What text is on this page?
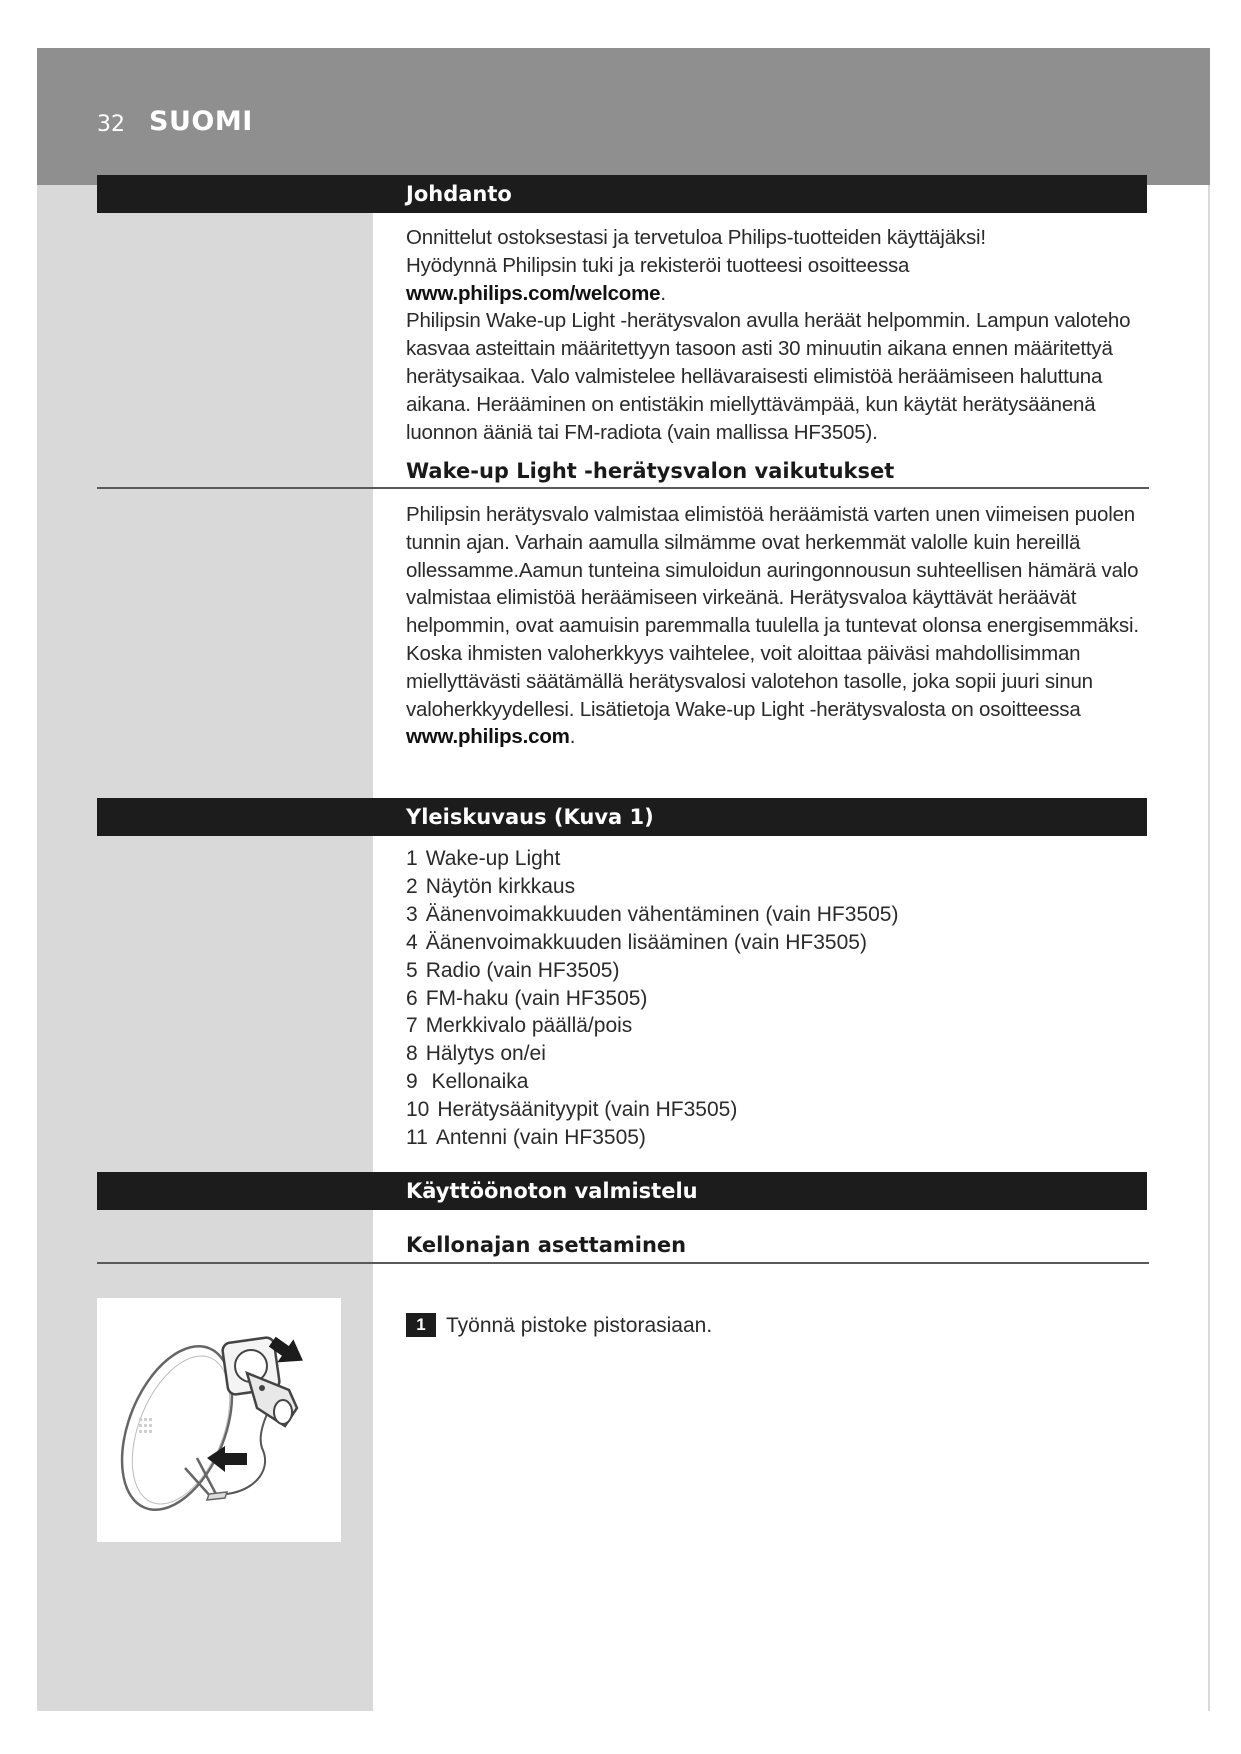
32 SUOMI
Johdanto

Onnittelut ostoksestasi ja tervetuloa Philips-tuotteiden käyttäjäksi!

Hyödynnä Philipsin tuki ja rekisteröi tuotteesi osoitteessa

www.philips.com/welcome.

Philipsin Wake-up Light -herätysvalon avulla heräät helpommin. Lampun valoteho kasvaa asteittain määritettyyn tasoon asti 30 minuutin aikana ennen määritettyä herätysaikaa. Valo valmistelee hellävaraisesti elimistöä heräämiseen haluttuna aikana. Herääminen on entistäkin miellyttävämpää, kun käytät herätysäänenä luonnon ääniä tai FM-radiota (vain mallissa HF3505).

Wake-up Light -herätysvalon vaikutukset

Philipsin herätysvalo valmistaa elimistöä heräämistä varten unen viimeisen puolen tunnin ajan. Varhain aamulla silmämme ovat herkemmät valolle kuin hereillä ollessamme.Aamun tunteina simuloidun auringonnousun suhteellisen hämärä valo valmistaa elimistöä heräämiseen virkeänä. Herätysvaloa käyttävät heräävät helpommin, ovat aamuisin paremmalla tuulella ja tuntevat olonsa energisemmäksi. Koska ihmisten valoherkkyys vaihtelee, voit aloittaa päiväsi mahdollisimman miellyttävästi säätämällä herätysvalosi valotehon tasolle, joka sopii juuri sinun valoherkkyydellesi. Lisätietoja Wake-up Light -herätysvalosta on osoitteessa

www.philips.com.

Yleiskuvaus (Kuva 1)
1 Wake-up Light
2 Näytön kirkkaus
3 Äänenvoimakkuuden vähentäminen (vain HF3505)
4 Äänenvoimakkuuden lisääminen (vain HF3505)
5 Radio (vain HF3505)
6 FM-haku (vain HF3505)
7 Merkkivalo päällä/pois
8 Hälytys on/ei
9 Kellonaika
10 Herätysäänityypit (vain HF3505)
11 Antenni (vain HF3505)
Käyttöönoton valmistelu
Kellonajan asettaminen
1 Työnnä pistoke pistorasiaan.
